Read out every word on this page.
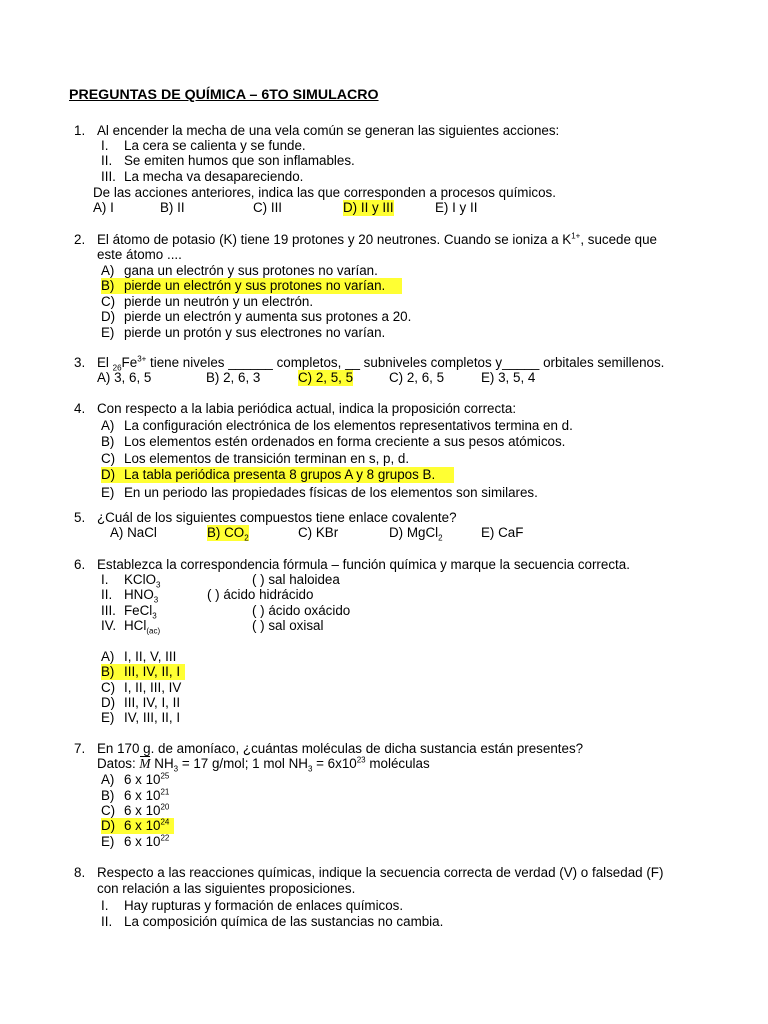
PREGUNTAS DE QUÍMICA – 6TO SIMULACRO
1. Al encender la mecha de una vela común se generan las siguientes acciones:
I. La cera se calienta y se funde.
II. Se emiten humos que son inflamables.
III. La mecha va desapareciendo.
De las acciones anteriores, indica las que corresponden a procesos químicos.
A) I	B) II	C) III	D) II y III	E) I y II
2. El átomo de potasio (K) tiene 19 protones y 20 neutrones. Cuando se ioniza a $K^{1+}$, sucede que
este átomo ....
A) gana un electrón y sus protones no varían.
B) pierde un electrón y sus protones no varían.
C) pierde un neutrón y un electrón.
D) pierde un electrón y aumenta sus protones a 20.
E) pierde un protón y sus electrones no varían.
3. El $_{26}Fe^{3+}$ tiene niveles ______ completos, __ subniveles completos y_____ orbitales semillenos.
A) 3, 6, 5	B) 2, 6, 3	C) 2, 5, 5	C) 2, 6, 5	E) 3, 5, 4
4. Con respecto a la labia periódica actual, indica la proposición correcta:
A) La configuración electrónica de los elementos representativos termina en d.
B) Los elementos estén ordenados en forma creciente a sus pesos atómicos.
C) Los elementos de transición terminan en s, p, d.
D) La tabla periódica presenta 8 grupos A y 8 grupos B.
E) En un periodo las propiedades físicas de los elementos son similares.
5. ¿Cuál de los siguientes compuestos tiene enlace covalente?
A) NaCl	B) $CO_2$	C) KBr	D) MgCl$_2$	E) CaF
6. Establezca la correspondencia fórmula – función química y marque la secuencia correcta.
I. KClO$_3$	( ) sal haloidea
II. $HNO_3$	( ) ácido hidrácido
III. FeCl$_3$	( ) ácido oxácido
IV. HCl$_{(ac)}$	( ) sal oxisal
A) I, II, V, III
B) III, IV, II, I
C) I, II, III, IV
D) III, IV, I, II
E) IV, III, II, I
7. En 170 g. de amoníaco, ¿cuántas moléculas de dicha sustancia están presentes?
Datos: M $NH_3 = 17$ g/mol; 1 mol $NH_3 = 6x10^{23}$ moléculas
A) 6 x $10^{25}$
B) 6 x $10^{21}$
C) 6 x $10^{20}$
D) 6 x $10^{24}$
E) 6 x $10^{22}$
8. Respecto a las reacciones químicas, indique la secuencia correcta de verdad (V) o falsedad (F)
con relación a las siguientes proposiciones.
I. Hay rupturas y formación de enlaces químicos.
II. La composición química de las sustancias no cambia.
